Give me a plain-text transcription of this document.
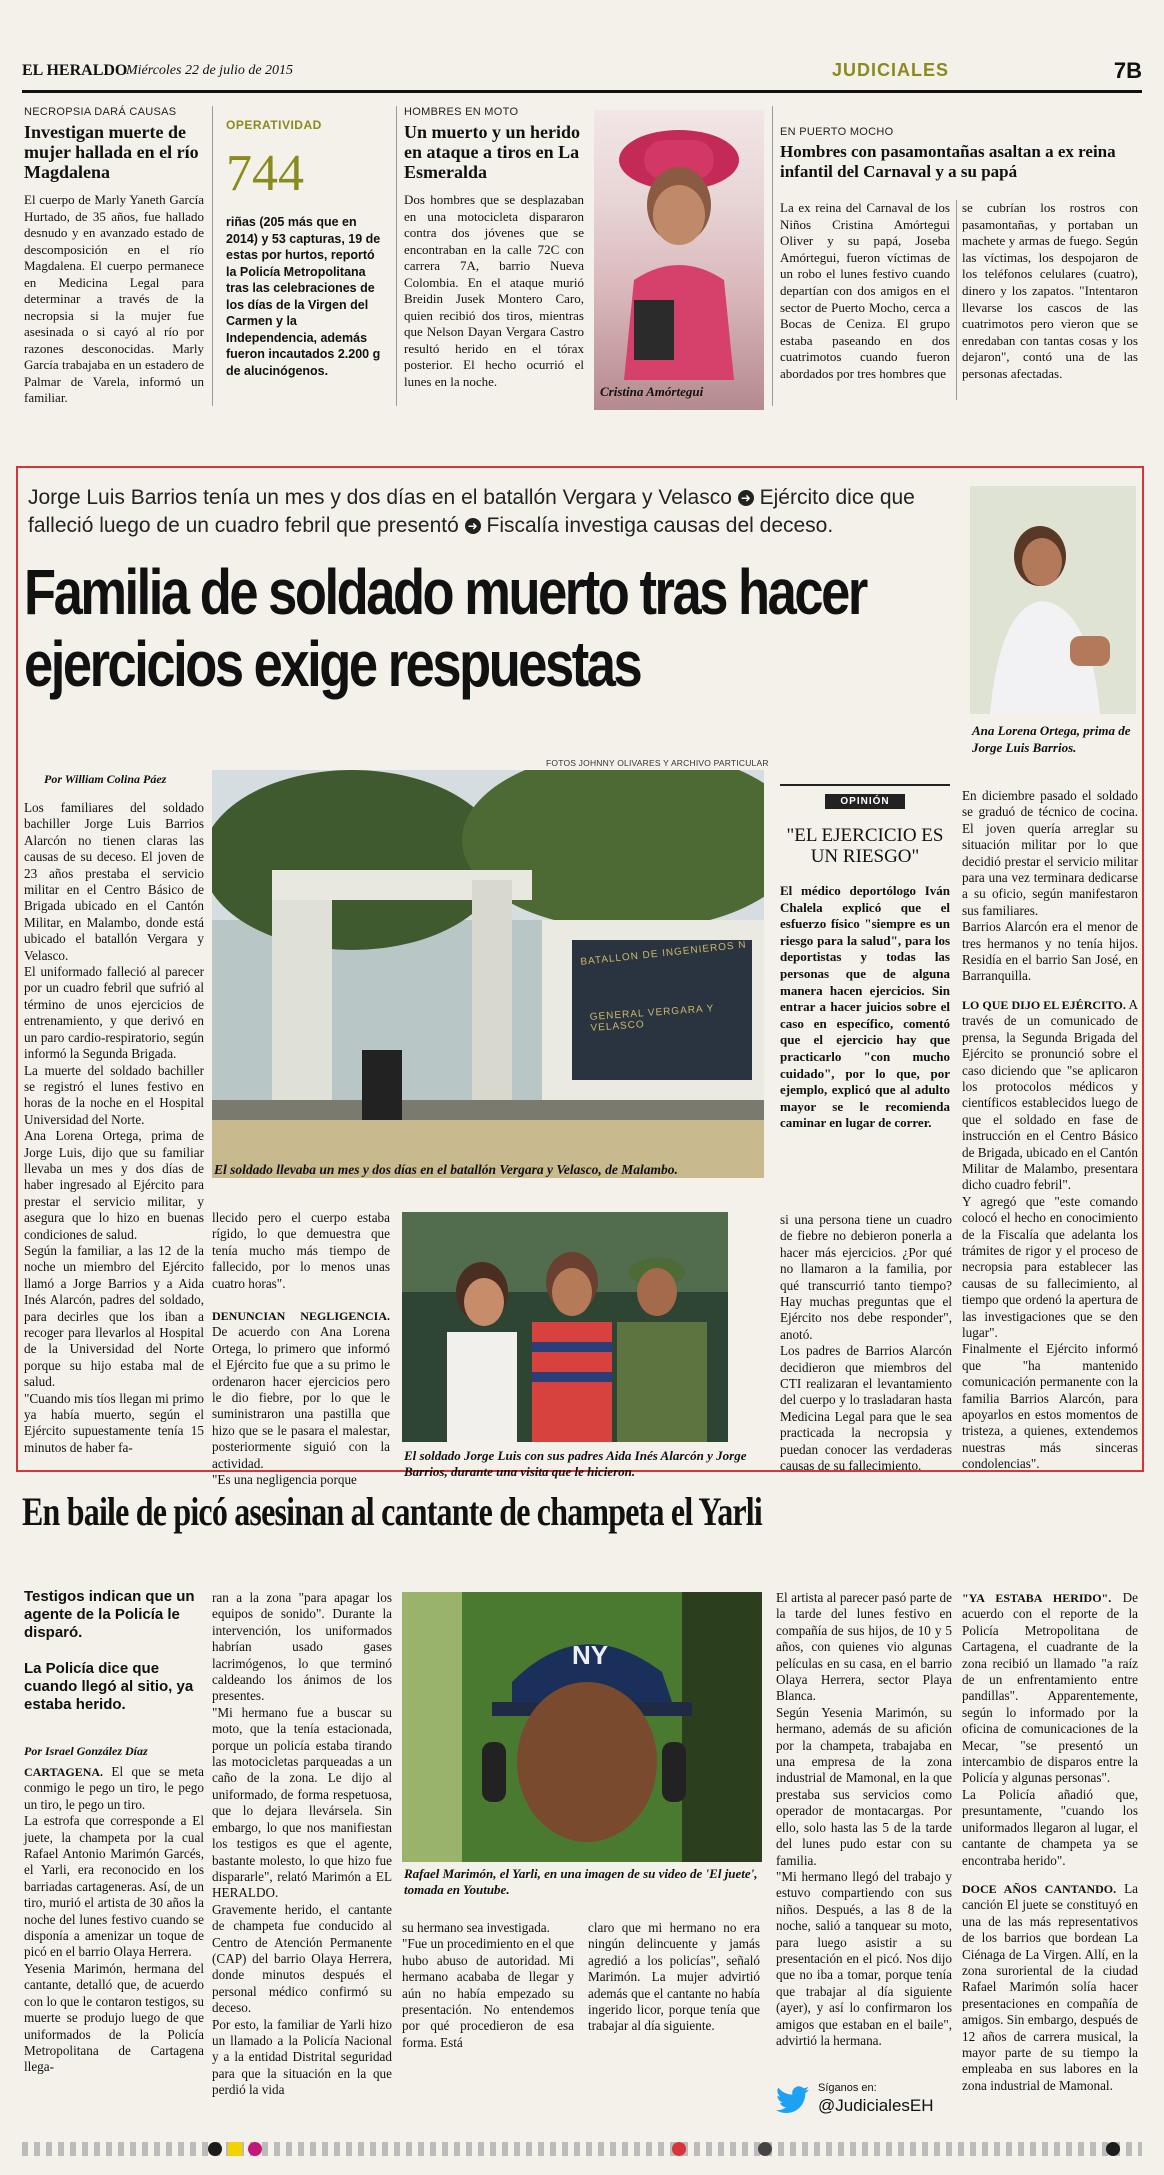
EL HERALDO
Miércoles 22 de julio de 2015	JUDICIALES	7B
NECROPSIA DARÁ CAUSAS
Investigan muerte de mujer hallada en el río Magdalena
El cuerpo de Marly Yaneth García Hurtado, de 35 años, fue hallado desnudo y en avanzado estado de descomposición en el río Magdalena. El cuerpo permanece en Medicina Legal para determinar a través de la necropsia si la mujer fue asesinada o si cayó al río por razones desconocidas. Marly García trabajaba en un estadero de Palmar de Varela, informó un familiar.
OPERATIVIDAD
744
riñas (205 más que en 2014) y 53 capturas, 19 de estas por hurtos, reportó la Policía Metropolitana tras las celebraciones de los días de la Virgen del Carmen y la Independencia, además fueron incautados 2.200 g de alucinógenos.
HOMBRES EN MOTO
Un muerto y un herido en ataque a tiros en La Esmeralda
Dos hombres que se desplazaban en una motocicleta dispararon contra dos jóvenes que se encontraban en la calle 72C con carrera 7A, barrio Nueva Colombia. En el ataque murió Breidin Jusek Montero Caro, quien recibió dos tiros, mientras que Nelson Dayan Vergara Castro resultó herido en el tórax posterior. El hecho ocurrió el lunes en la noche.
Cristina Amórtegui
EN PUERTO MOCHO
Hombres con pasamontañas asaltan a ex reina infantil del Carnaval y a su papá
La ex reina del Carnaval de los Niños Cristina Amórtegui Oliver y su papá, Joseba Amórtegui, fueron víctimas de un robo el lunes festivo cuando departían con dos amigos en el sector de Puerto Mocho, cerca a Bocas de Ceniza. El grupo estaba paseando en dos cuatrimotos cuando fueron abordados por tres hombres que
se cubrían los rostros con pasamontañas, y portaban un machete y armas de fuego. Según las víctimas, los despojaron de los teléfonos celulares (cuatro), dinero y los zapatos. "Intentaron llevarse los cascos de las cuatrimotos pero vieron que se enredaban con tantas cosas y los dejaron", contó una de las personas afectadas.
Jorge Luis Barrios tenía un mes y dos días en el batallón Vergara y Velasco ➜ Ejército dice que falleció luego de un cuadro febril que presentó ➜ Fiscalía investiga causas del deceso.
Familia de soldado muerto tras hacer ejercicios exige respuestas
Ana Lorena Ortega, prima de Jorge Luis Barrios.
Por William Colina Páez
FOTOS JOHNNY OLIVARES Y ARCHIVO PARTICULAR
Los familiares del soldado bachiller Jorge Luis Barrios Alarcón no tienen claras las causas de su deceso. El joven de 23 años prestaba el servicio militar en el Centro Básico de Brigada ubicado en el Cantón Militar, en Malambo, donde está ubicado el batallón Vergara y Velasco.
El uniformado falleció al parecer por un cuadro febril que sufrió al término de unos ejercicios de entrenamiento, y que derivó en un paro cardio-respiratorio, según informó la Segunda Brigada.
La muerte del soldado bachiller se registró el lunes festivo en horas de la noche en el Hospital Universidad del Norte.
Ana Lorena Ortega, prima de Jorge Luis, dijo que su familiar llevaba un mes y dos días de haber ingresado al Ejército para prestar el servicio militar, y asegura que lo hizo en buenas condiciones de salud.
Según la familiar, a las 12 de la noche un miembro del Ejército llamó a Jorge Barrios y a Aida Inés Alarcón, padres del soldado, para decirles que los iban a recoger para llevarlos al Hospital de la Universidad del Norte porque su hijo estaba mal de salud.
"Cuando mis tíos llegan mi primo ya había muerto, según el Ejército supuestamente tenía 15 minutos de haber fa-
BATALLON DE INGENIEROS N
GENERAL VERGARA Y VELASCO
El soldado llevaba un mes y dos días en el batallón Vergara y Velasco, de Malambo.
llecido pero el cuerpo estaba rígido, lo que demuestra que tenía mucho más tiempo de fallecido, por lo menos unas cuatro horas".
DENUNCIAN NEGLIGENCIA. De acuerdo con Ana Lorena Ortega, lo primero que informó el Ejército fue que a su primo le ordenaron hacer ejercicios pero le dio fiebre, por lo que le suministraron una pastilla que hizo que se le pasara el malestar, posteriormente siguió con la actividad.
"Es una negligencia porque
El soldado Jorge Luis con sus padres Aida Inés Alarcón y Jorge Barrios, durante una visita que le hicieron.
OPINIÓN
"EL EJERCICIO ES UN RIESGO"
El médico deportólogo Iván Chalela explicó que el esfuerzo físico "siempre es un riesgo para la salud", para los deportistas y todas las personas que de alguna manera hacen ejercicios. Sin entrar a hacer juicios sobre el caso en específico, comentó que el ejercicio hay que practicarlo "con mucho cuidado", por lo que, por ejemplo, explicó que al adulto mayor se le recomienda caminar en lugar de correr.
si una persona tiene un cuadro de fiebre no debieron ponerla a hacer más ejercicios. ¿Por qué no llamaron a la familia, por qué transcurrió tanto tiempo? Hay muchas preguntas que el Ejército nos debe responder", anotó.
Los padres de Barrios Alarcón decidieron que miembros del CTI realizaran el levantamiento del cuerpo y lo trasladaran hasta Medicina Legal para que le sea practicada la necropsia y puedan conocer las verdaderas causas de su fallecimiento.
En diciembre pasado el soldado se graduó de técnico de cocina. El joven quería arreglar su situación militar por lo que decidió prestar el servicio militar para una vez terminara dedicarse a su oficio, según manifestaron sus familiares.
Barrios Alarcón era el menor de tres hermanos y no tenía hijos. Residía en el barrio San José, en Barranquilla.
LO QUE DIJO EL EJÉRCITO. A través de un comunicado de prensa, la Segunda Brigada del Ejército se pronunció sobre el caso diciendo que "se aplicaron los protocolos médicos y científicos establecidos luego de que el soldado en fase de instrucción en el Centro Básico de Brigada, ubicado en el Cantón Militar de Malambo, presentara dicho cuadro febril".
Y agregó que "este comando colocó el hecho en conocimiento de la Fiscalía que adelanta los trámites de rigor y el proceso de necropsia para establecer las causas de su fallecimiento, al tiempo que ordenó la apertura de las investigaciones que se den lugar".
Finalmente el Ejército informó que "ha mantenido comunicación permanente con la familia Barrios Alarcón, para apoyarlos en estos momentos de tristeza, a quienes, extendemos nuestras más sinceras condolencias".
En baile de picó asesinan al cantante de champeta el Yarli
Testigos indican que un agente de la Policía le disparó.
La Policía dice que cuando llegó al sitio, ya estaba herido.
Por Israel González Díaz
CARTAGENA. El que se meta conmigo le pego un tiro, le pego un tiro, le pego un tiro.
La estrofa que corresponde a El juete, la champeta por la cual Rafael Antonio Marimón Garcés, el Yarli, era reconocido en los barriadas cartageneras. Así, de un tiro, murió el artista de 30 años la noche del lunes festivo cuando se disponía a amenizar un toque de picó en el barrio Olaya Herrera.
Yesenia Marimón, hermana del cantante, detalló que, de acuerdo con lo que le contaron testigos, su muerte se produjo luego de que uniformados de la Policía Metropolitana de Cartagena llega-
ran a la zona "para apagar los equipos de sonido". Durante la intervención, los uniformados habrían usado gases lacrimógenos, lo que terminó caldeando los ánimos de los presentes.
"Mi hermano fue a buscar su moto, que la tenía estacionada, porque un policía estaba tirando las motocicletas parqueadas a un caño de la zona. Le dijo al uniformado, de forma respetuosa, que lo dejara llevársela. Sin embargo, lo que nos manifiestan los testigos es que el agente, bastante molesto, lo que hizo fue dispararle", relató Marimón a EL HERALDO.
Gravemente herido, el cantante de champeta fue conducido al Centro de Atención Permanente (CAP) del barrio Olaya Herrera, donde minutos después el personal médico confirmó su deceso.
Por esto, la familiar de Yarli hizo un llamado a la Policía Nacional y a la entidad Distrital seguridad para que la situación en la que perdió la vida
NY
Rafael Marimón, el Yarli, en una imagen de su video de 'El juete', tomada en Youtube.
su hermano sea investigada.
"Fue un procedimiento en el que hubo abuso de autoridad. Mi hermano acababa de llegar y aún no había empezado su presentación. No entendemos por qué procedieron de esa forma. Está
claro que mi hermano no era ningún delincuente y jamás agredió a los policías", señaló Marimón. La mujer advirtió además que el cantante no había ingerido licor, porque tenía que trabajar al día siguiente.
El artista al parecer pasó parte de la tarde del lunes festivo en compañía de sus hijos, de 10 y 5 años, con quienes vio algunas películas en su casa, en el barrio Olaya Herrera, sector Playa Blanca.
Según Yesenia Marimón, su hermano, además de su afición por la champeta, trabajaba en una empresa de la zona industrial de Mamonal, en la que prestaba sus servicios como operador de montacargas. Por ello, solo hasta las 5 de la tarde del lunes pudo estar con su familia.
"Mi hermano llegó del trabajo y estuvo compartiendo con sus niños. Después, a las 8 de la noche, salió a tanquear su moto, para luego asistir a su presentación en el picó. Nos dijo que no iba a tomar, porque tenía que trabajar al día siguiente (ayer), y así lo confirmaron los amigos que estaban en el baile", advirtió la hermana.
"YA ESTABA HERIDO". De acuerdo con el reporte de la Policía Metropolitana de Cartagena, el cuadrante de la zona recibió un llamado "a raíz de un enfrentamiento entre pandillas". Apparentemente, según lo informado por la oficina de comunicaciones de la Mecar, "se presentó un intercambio de disparos entre la Policía y algunas personas".
La Policía añadió que, presuntamente, "cuando los uniformados llegaron al lugar, el cantante de champeta ya se encontraba herido".
DOCE AÑOS CANTANDO. La canción El juete se constituyó en una de las más representativos de los barrios que bordean La Ciénaga de La Virgen. Allí, en la zona suroriental de la ciudad Rafael Marimón solía hacer presentaciones en compañía de amigos. Sin embargo, después de 12 años de carrera musical, la mayor parte de su tiempo la empleaba en sus labores en la zona industrial de Mamonal.
Síganos en:
@JudicialesEH
